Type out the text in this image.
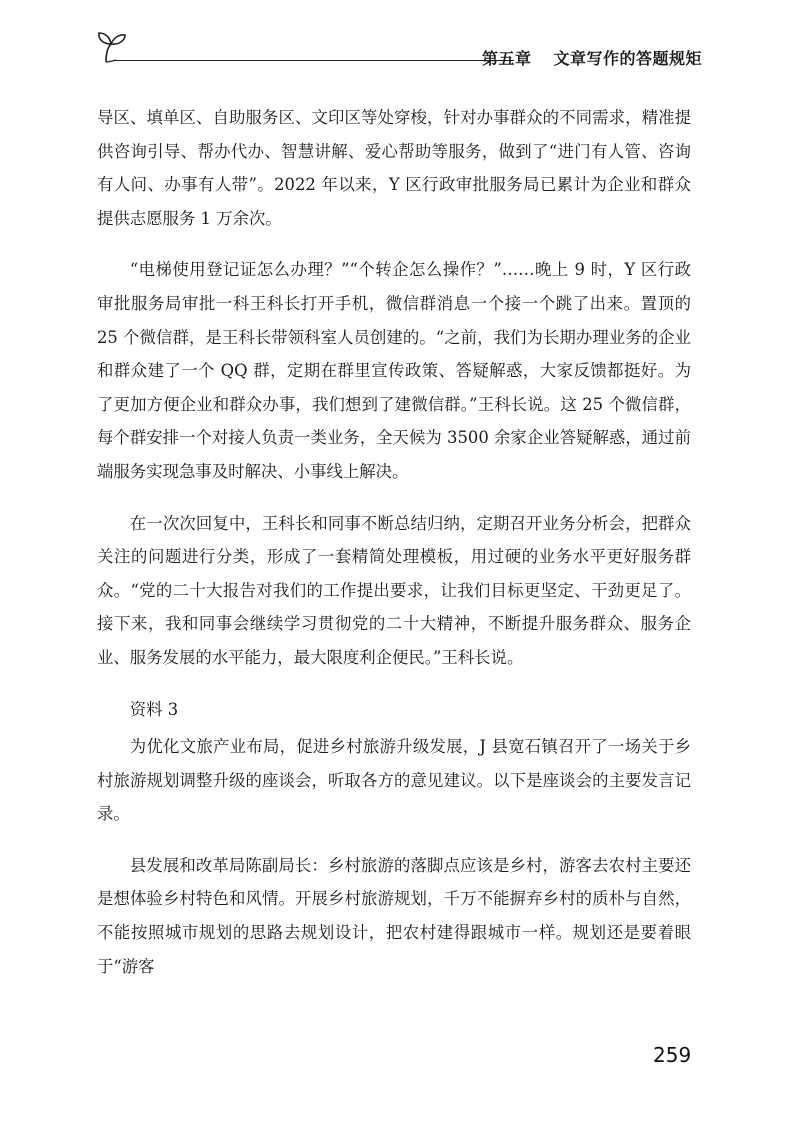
第五章 文章写作的答题规矩

导区、填单区、自助服务区、文印区等处穿梭，针对办事群众的不同需求，精准提供咨询引导、帮办代办、智慧讲解、爱心帮助等服务，做到了“进门有人管、咨询有人问、办事有人带”。2022 年以来，Y 区行政审批服务局已累计为企业和群众提供志愿服务 1 万余次。

“电梯使用登记证怎么办理？”“个转企怎么操作？”……晚上 9 时，Y 区行政审批服务局审批一科王科长打开手机，微信群消息一个接一个跳了出来。置顶的 25 个微信群，是王科长带领科室人员创建的。“之前，我们为长期办理业务的企业和群众建了一个 QQ 群，定期在群里宣传政策、答疑解惑，大家反馈都挺好。为了更加方便企业和群众办事，我们想到了建微信群。”王科长说。这 25 个微信群，每个群安排一个对接人负责一类业务，全天候为 3500 余家企业答疑解惑，通过前端服务实现急事及时解决、小事线上解决。

在一次次回复中，王科长和同事不断总结归纳，定期召开业务分析会，把群众关注的问题进行分类，形成了一套精简处理模板，用过硬的业务水平更好服务群众。“党的二十大报告对我们的工作提出要求，让我们目标更坚定、干劲更足了。接下来，我和同事会继续学习贯彻党的二十大精神，不断提升服务群众、服务企业、服务发展的水平能力，最大限度利企便民。”王科长说。

资料 3

为优化文旅产业布局，促进乡村旅游升级发展，J 县宽石镇召开了一场关于乡村旅游规划调整升级的座谈会，听取各方的意见建议。以下是座谈会的主要发言记录。

县发展和改革局陈副局长：乡村旅游的落脚点应该是乡村，游客去农村主要还是想体验乡村特色和风情。开展乡村旅游规划，千万不能摒弃乡村的质朴与自然，不能按照城市规划的思路去规划设计，把农村建得跟城市一样。规划还是要着眼于“游客

259
